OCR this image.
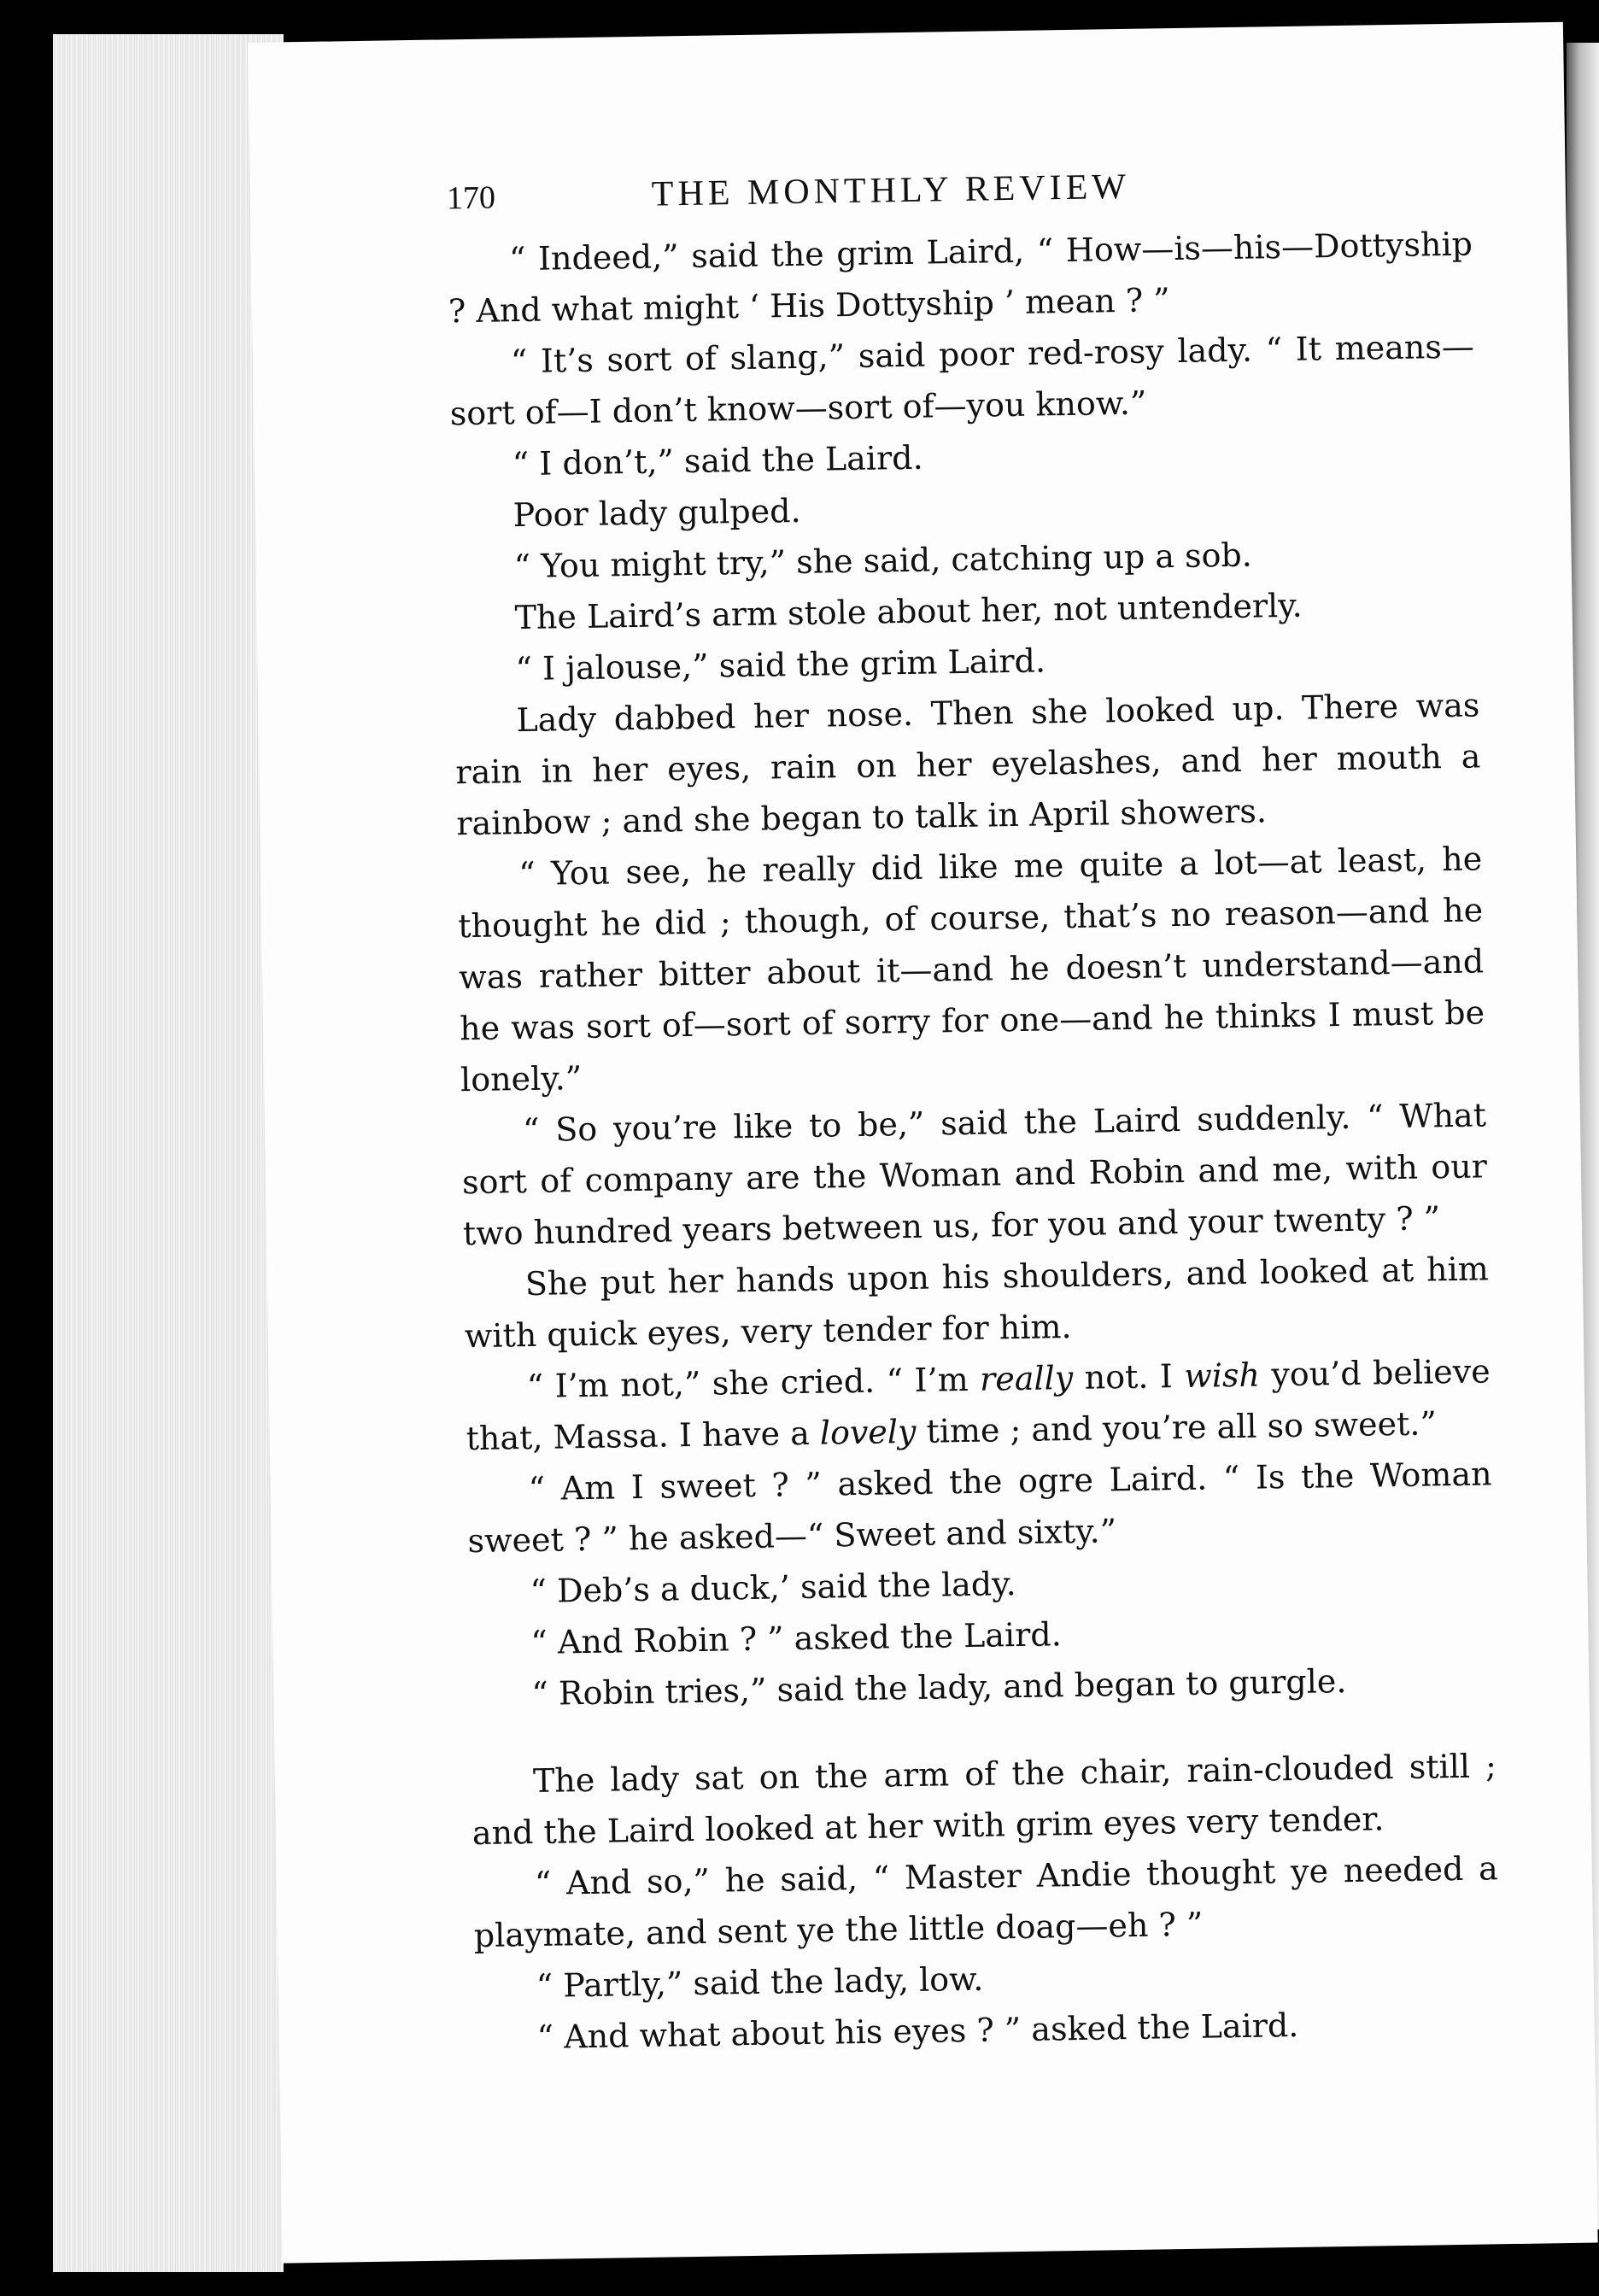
170	THE MONTHLY REVIEW

“ Indeed,” said the grim Laird, “ How—is—his—Dottyship ? And what might ‘ His Dottyship ’ mean ? ”

“ It’s sort of slang,” said poor red-rosy lady. “ It means—sort of—I don’t know—sort of—you know.”

“ I don’t,” said the Laird.

Poor lady gulped.

“ You might try,” she said, catching up a sob.

The Laird’s arm stole about her, not untenderly.

“ I jalouse,” said the grim Laird.

Lady dabbed her nose. Then she looked up. There was rain in her eyes, rain on her eyelashes, and her mouth a rainbow ; and she began to talk in April showers.

“ You see, he really did like me quite a lot—at least, he thought he did ; though, of course, that’s no reason—and he was rather bitter about it—and he doesn’t understand—and he was sort of—sort of sorry for one—and he thinks I must be lonely.”

“ So you’re like to be,” said the Laird suddenly. “ What sort of company are the Woman and Robin and me, with our two hundred years between us, for you and your twenty ? ”

She put her hands upon his shoulders, and looked at him with quick eyes, very tender for him.

“ I’m not,” she cried. “ I’m really not. I wish you’d believe that, Massa. I have a lovely time ; and you’re all so sweet.”

“ Am I sweet ? ” asked the ogre Laird. “ Is the Woman sweet ? ” he asked—“ Sweet and sixty.”

“ Deb’s a duck,’ said the lady.

“ And Robin ? ” asked the Laird.

“ Robin tries,” said the lady, and began to gurgle.

The lady sat on the arm of the chair, rain-clouded still ; and the Laird looked at her with grim eyes very tender.

“ And so,” he said, “ Master Andie thought ye needed a playmate, and sent ye the little doag—eh ? ”

“ Partly,” said the lady, low.

“ And what about his eyes ? ” asked the Laird.
